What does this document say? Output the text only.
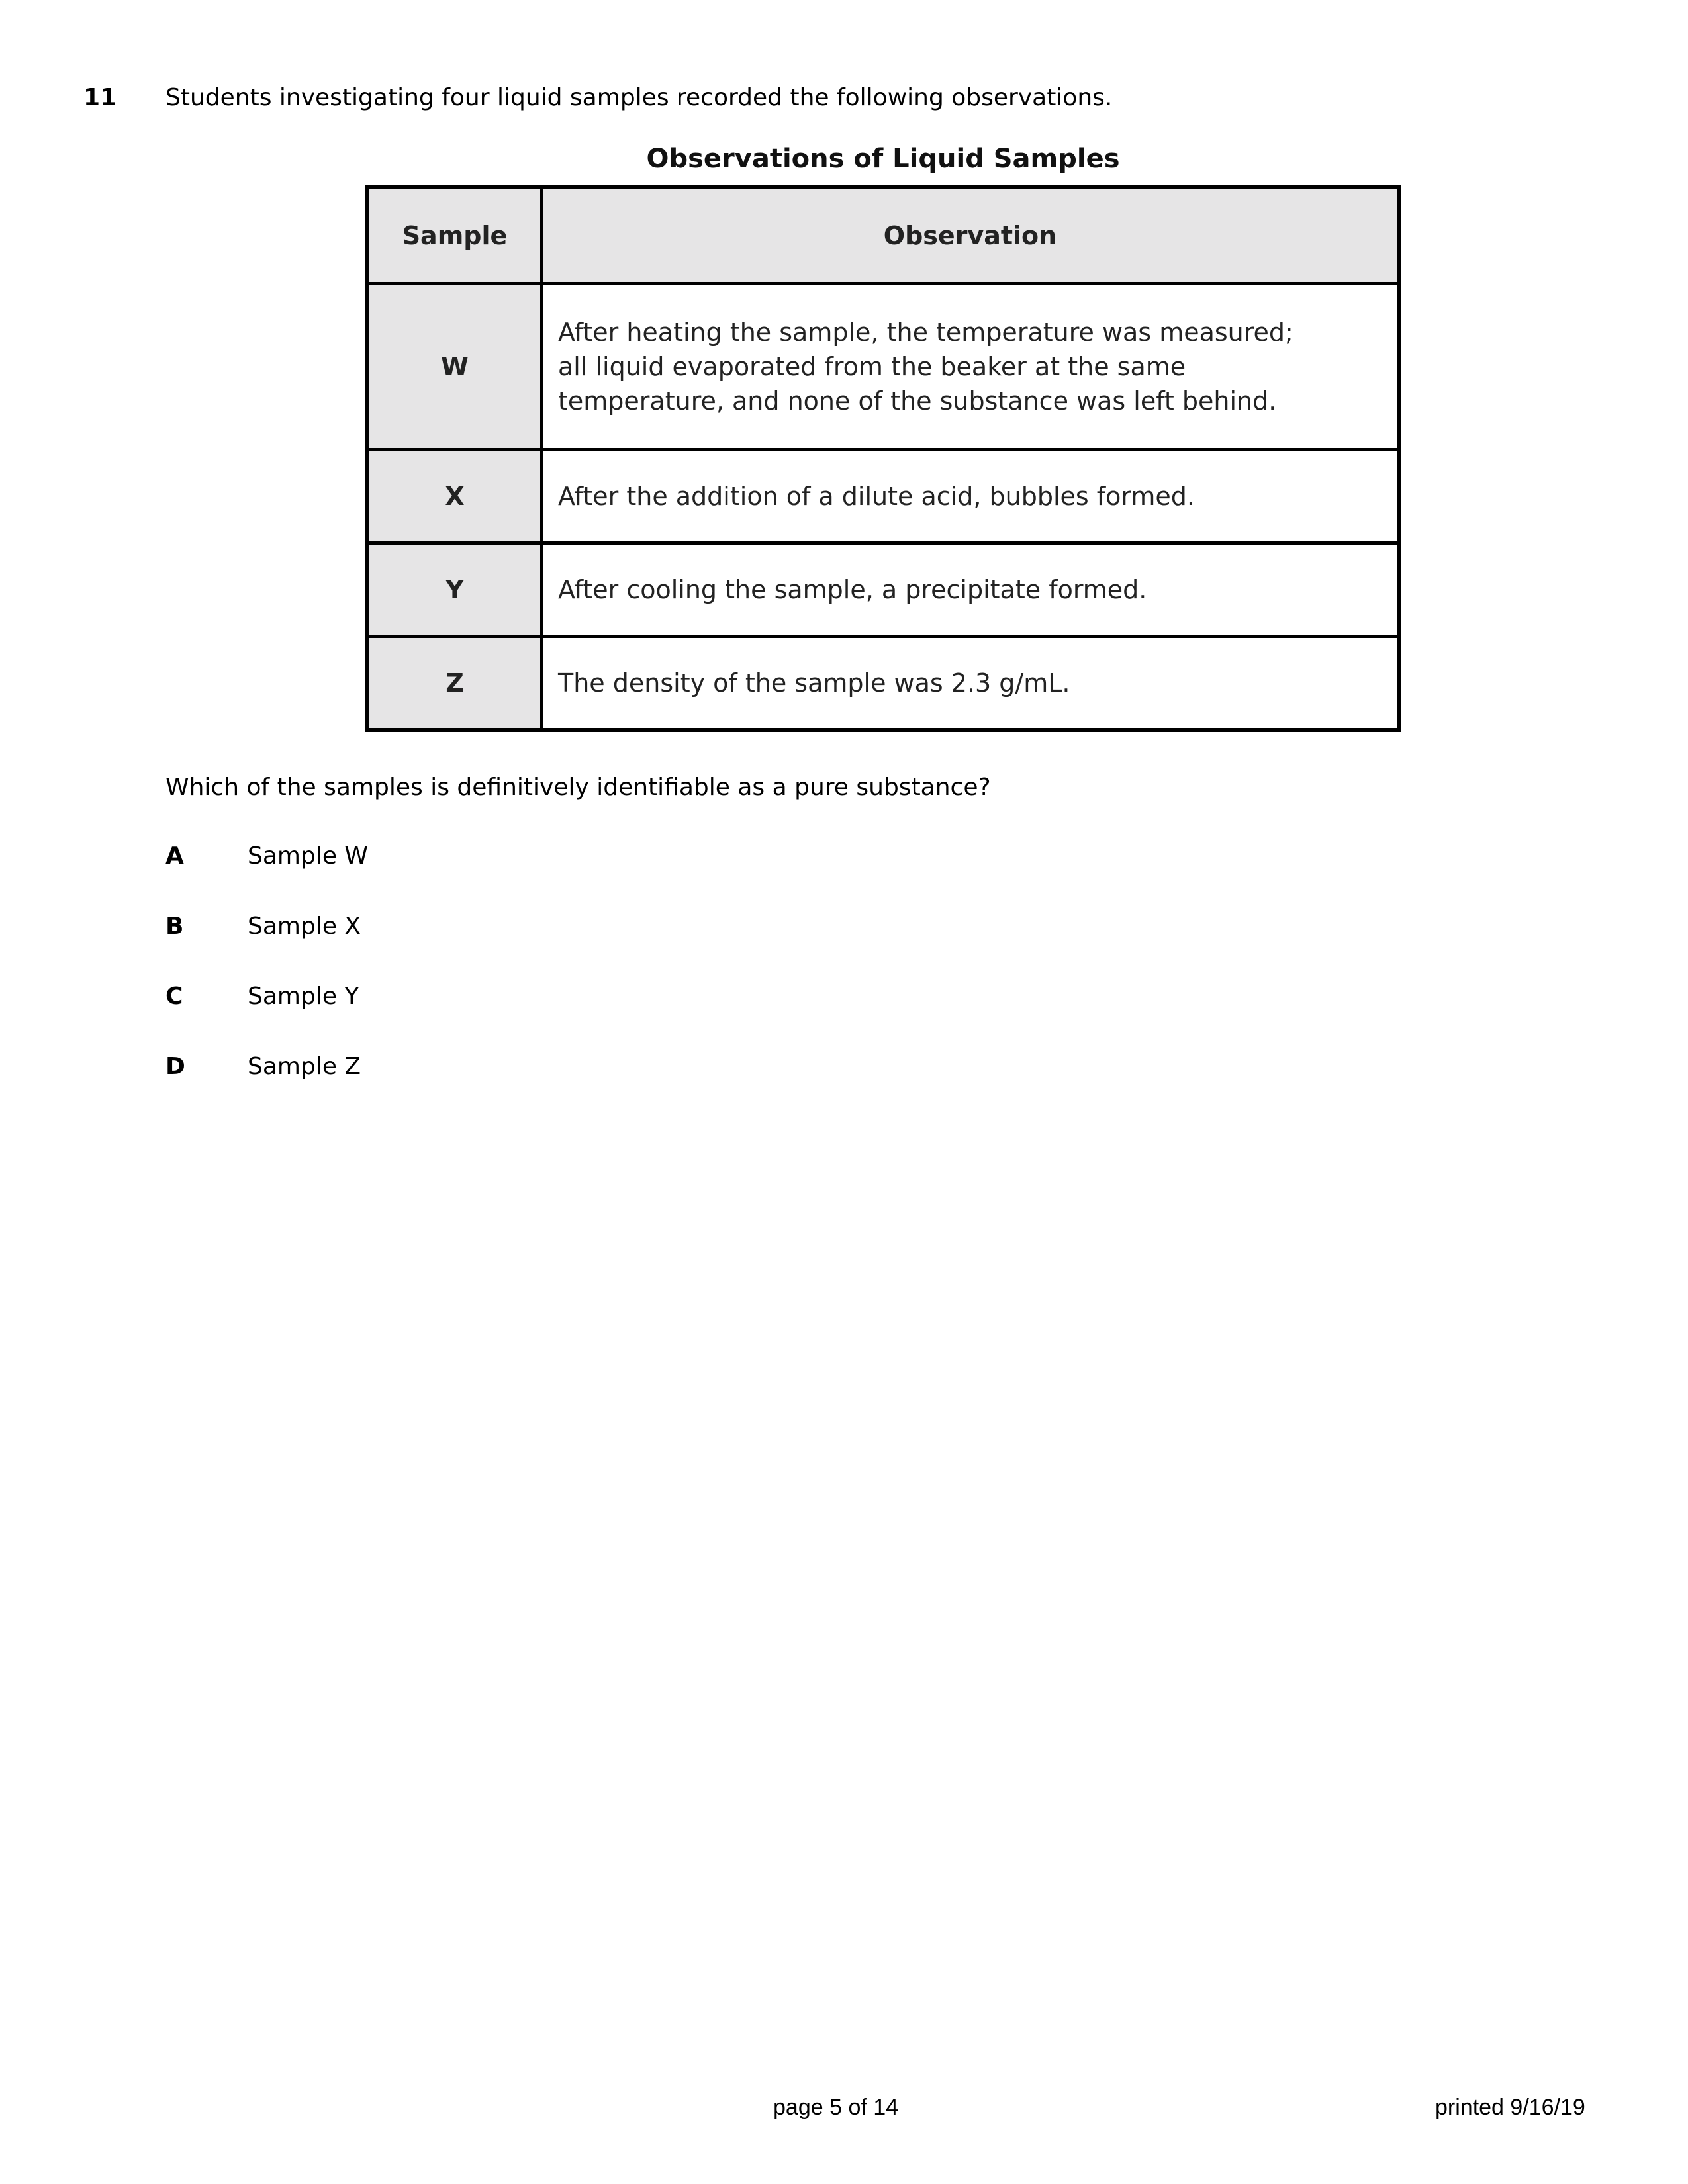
11 Students investigating four liquid samples recorded the following observations.
Observations of Liquid Samples
Sample	Observation
W	After heating the sample, the temperature was measured;
all liquid evaporated from the beaker at the same
temperature, and none of the substance was left behind.

X	After the addition of a dilute acid, bubbles formed.
Y	After cooling the sample, a precipitate formed.
Z	The density of the sample was 2.3 g/mL.
Which of the samples is definitively identifiable as a pure substance?
A	Sample W
B	Sample X
C	Sample Y
D	Sample Z
page 5 of 14	printed 9/16/19
